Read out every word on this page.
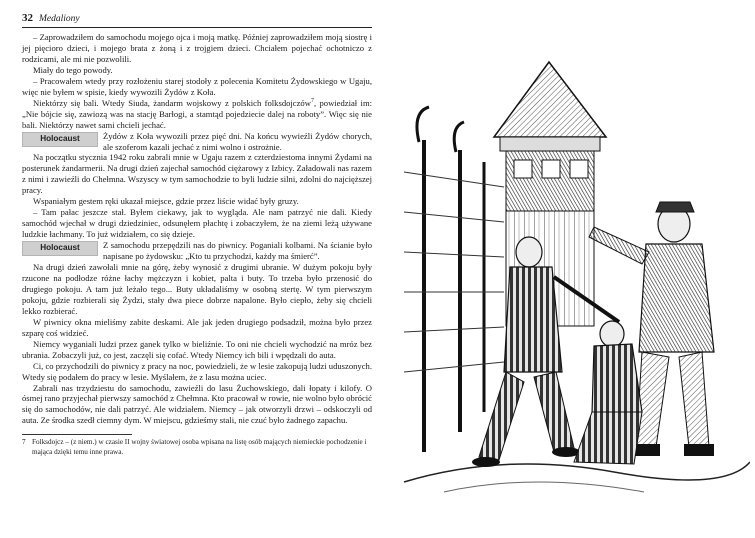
32 Medaliony

– Zaprowadziłem do samochodu mojego ojca i moją matkę. Później zaprowadziłem moją siostrę i jej pięcioro dzieci, i mojego brata z żoną i z trojgiem dzieci. Chciałem pojechać ochotniczo z rodzicami, ale mi nie pozwolili.

Miały do tego powody.

– Pracowałem wtedy przy rozłożeniu starej stodoły z polecenia Komitetu Żydowskiego w Ugaju, więc nie byłem w spisie, kiedy wywozili Żydów z Koła.

Niektórzy się bali. Wtedy Siuda, żandarm wojskowy z polskich folksdojczów$^7$, powiedział im: „Nie bójcie się, zawiozą was na stację Barłogi, a stamtąd pojedziecie dalej na roboty”. Więc się nie bali. Niektórzy nawet sami chcieli jechać.

Holocaust	Żydów z Koła wywozili przez pięć dni. Na końcu wywieźli Żydów chorych, ale szoferom kazali jechać z nimi wolno i ostrożnie.

Na początku stycznia 1942 roku zabrali mnie w Ugaju razem z czterdziestoma innymi Żydami na posterunek żandarmerii. Na drugi dzień zajechał samochód ciężarowy z Izbicy. Załadowali nas razem z nimi i zawieźli do Chełmna. Wszyscy w tym samochodzie to byli ludzie silni, zdolni do najcięższej pracy.

Wspaniałym gestem ręki ukazał miejsce, gdzie przez liście widać były gruzy.

– Tam pałac jeszcze stał. Byłem ciekawy, jak to wygląda. Ale nam patrzyć nie dali. Kiedy samochód wjechał w drugi dziedziniec, odsunęłem płachtę i zobaczyłem, że na ziemi leżą używane ludzkie łachmany. To już widziałem, co się dzieje.

Holocaust	Z samochodu przepędzili nas do piwnicy. Poganiali kolbami. Na ścianie było napisane po żydowsku: „Kto tu przychodzi, każdy ma śmierć”.

Na drugi dzień zawołali mnie na górę, żeby wynosić z drugimi ubranie. W dużym pokoju były rzucone na podłodze różne łachy mężczyzn i kobiet, palta i buty. To trzeba było przenosić do drugiego pokoju. A tam już leżało tego... Buty układaliśmy w osobną stertę. W tym pierwszym pokoju, gdzie rozbierali się Żydzi, stały dwa piece dobrze napalone. Było ciepło, żeby się chcieli lekko rozbierać.

W piwnicy okna mieliśmy zabite deskami. Ale jak jeden drugiego podsadził, można było przez szparę coś widzieć.

Niemcy wyganiali ludzi przez ganek tylko w bieliźnie. To oni nie chcieli wychodzić na mróz bez ubrania. Zobaczyli już, co jest, zaczęli się cofać. Wtedy Niemcy ich bili i wpędzali do auta.

Ci, co przychodzili do piwnicy z pracy na noc, powiedzieli, że w lesie zakopują ludzi uduszonych. Wtedy się podałem do pracy w lesie. Myślałem, że z lasu można uciec.

Zabrali nas trzydziestu do samochodu, zawieźli do lasu Żuchowskiego, dali łopaty i kilofy. O ósmej rano przyjechał pierwszy samochód z Chełmna. Kto pracował w rowie, nie wolno było obrócić się do samochodów, nie dali patrzyć. Ale widziałem. Niemcy – jak otworzyli drzwi – odskoczyli od auta. Ze środka szedł ciemny dym. W miejscu, gdzieśmy stali, nie czuć było żadnego zapachu.

7 Folksdojcz – (z niem.) w czasie II wojny światowej osoba wpisana na listę osób mających niemieckie pochodzenie i mająca dzięki temu inne prawa.
